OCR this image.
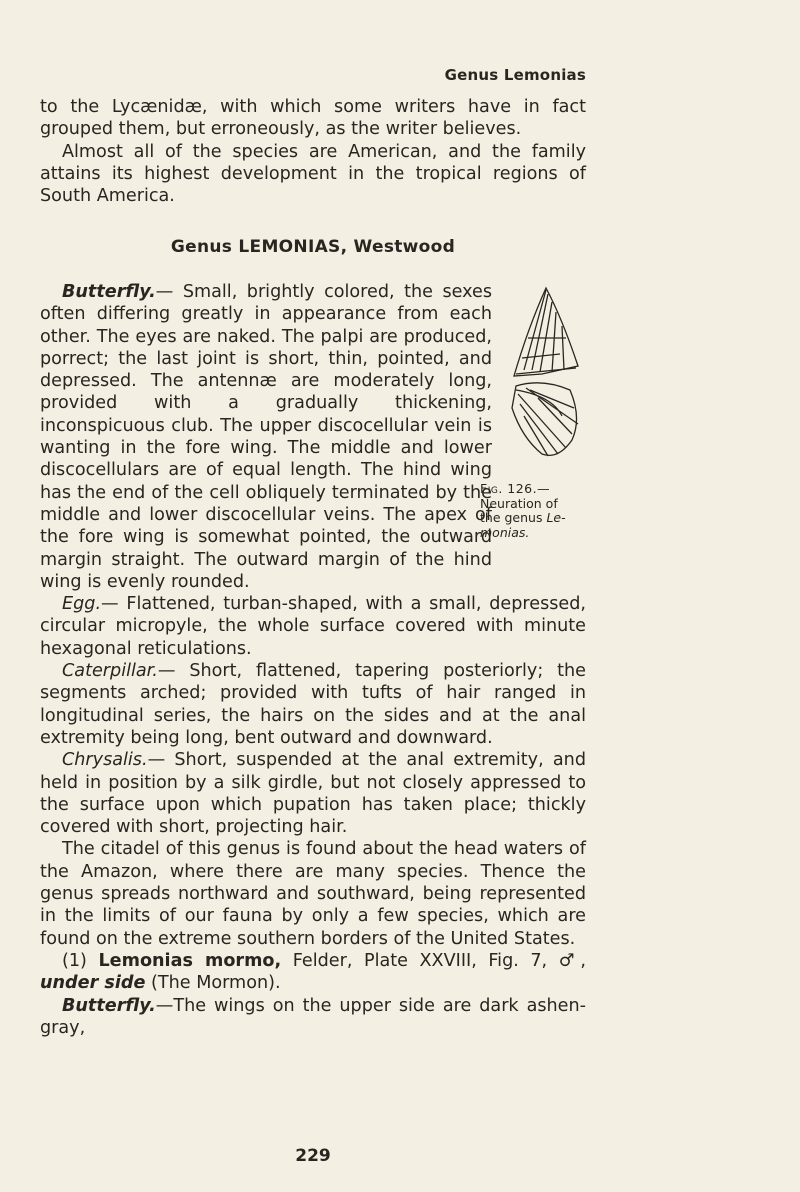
Genus Lemonias

to the Lycænidæ, with which some writers have in fact grouped them, but erroneously, as the writer believes.

Almost all of the species are American, and the family attains its highest development in the tropical regions of South America.

Genus LEMONIAS, Westwood

Butterfly.— Small, brightly colored, the sexes often differing greatly in appearance from each other. The eyes are naked. The palpi are produced, porrect; the last joint is short, thin, pointed, and depressed. The antennæ are moderately long, provided with a gradually thickening, inconspicuous club. The upper discocellular vein is wanting in the fore wing. The middle and lower discocellulars are of equal length. The hind wing has the end of the cell obliquely terminated by the middle and lower discocellular veins. The apex of the fore wing is somewhat pointed, the outward margin straight. The outward margin of the hind wing is evenly rounded.

Egg.— Flattened, turban-shaped, with a small, depressed, circular micropyle, the whole surface covered with minute hexagonal reticulations.

Caterpillar.— Short, flattened, tapering posteriorly; the segments arched; provided with tufts of hair ranged in longitudinal series, the hairs on the sides and at the anal extremity being long, bent outward and downward.

Chrysalis.— Short, suspended at the anal extremity, and held in position by a silk girdle, but not closely appressed to the surface upon which pupation has taken place; thickly covered with short, projecting hair.

The citadel of this genus is found about the head waters of the Amazon, where there are many species. Thence the genus spreads northward and southward, being represented in the limits of our fauna by only a few species, which are found on the extreme southern borders of the United States.

(1) Lemonias mormo, Felder, Plate XXVIII, Fig. 7, ♂, under side (The Mormon).

Butterfly.—The wings on the upper side are dark ashen-gray,

Fig. 126.—
Neuration of
the genus Le-
monias.
229
